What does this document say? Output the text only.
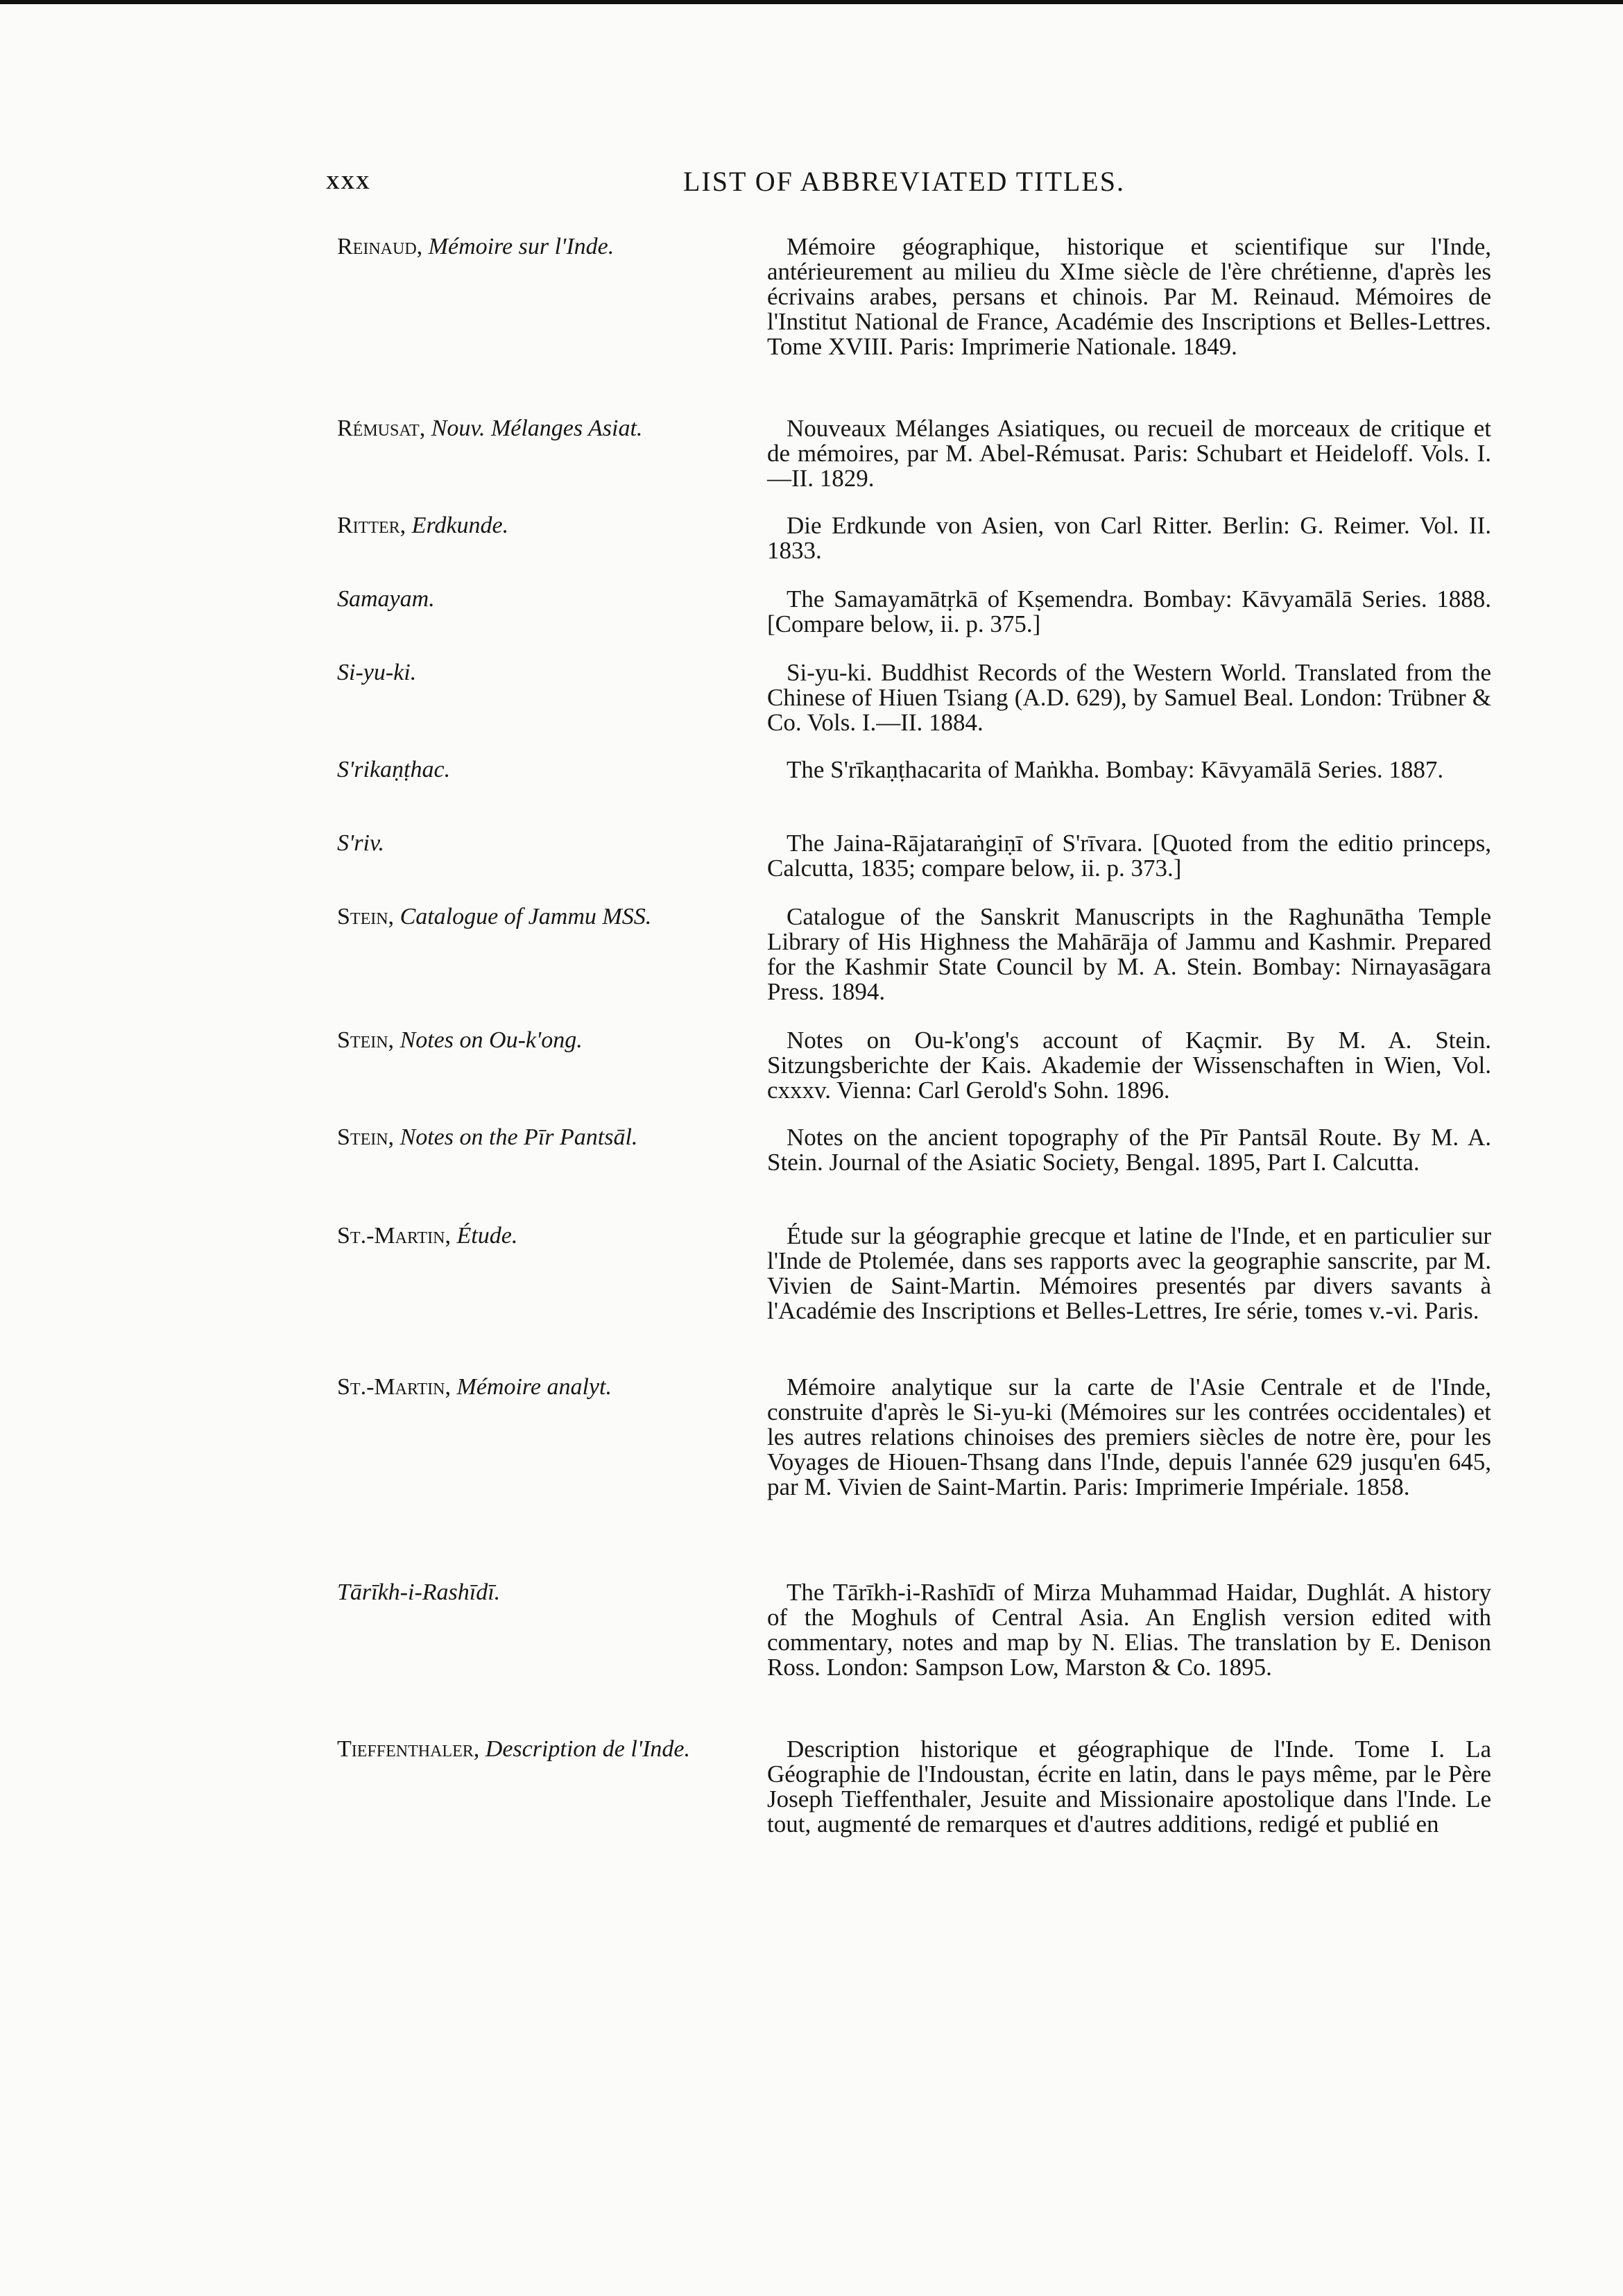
xxx	LIST OF ABBREVIATED TITLES.
Reinaud, Mémoire sur l'Inde.	Mémoire géographique, historique et scientifique sur l'Inde, antérieurement au milieu du XIme siècle de l'ère chrétienne, d'après les écrivains arabes, persans et chinois. Par M. Reinaud. Mémoires de l'Institut National de France, Académie des Inscriptions et Belles-Lettres. Tome XVIII. Paris: Imprimerie Nationale. 1849.
Rémusat, Nouv. Mélanges Asiat.	Nouveaux Mélanges Asiatiques, ou recueil de morceaux de critique et de mémoires, par M. Abel-Rémusat. Paris: Schubart et Heideloff. Vols. I.—II. 1829.
Ritter, Erdkunde.	Die Erdkunde von Asien, von Carl Ritter. Berlin: G. Reimer. Vol. II. 1833.
Samayam.	The Samayamātṛkā of Kṣemendra. Bombay: Kāvyamālā Series. 1888. [Compare below, ii. p. 375.]
Si-yu-ki.	Si-yu-ki. Buddhist Records of the Western World. Translated from the Chinese of Hiuen Tsiang (A.D. 629), by Samuel Beal. London: Trübner & Co. Vols. I.—II. 1884.
S'rikaṇṭhac.	The S'rīkaṇṭhacarita of Maṅkha. Bombay: Kāvyamālā Series. 1887.
S'riv.	The Jaina-Rājataraṅgiṇī of S'rīvara. [Quoted from the editio princeps, Calcutta, 1835; compare below, ii. p. 373.]
Stein, Catalogue of Jammu MSS.	Catalogue of the Sanskrit Manuscripts in the Raghunātha Temple Library of His Highness the Mahārāja of Jammu and Kashmir. Prepared for the Kashmir State Council by M. A. Stein. Bombay: Nirnayasāgara Press. 1894.
Stein, Notes on Ou-k'ong.	Notes on Ou-k'ong's account of Kaçmir. By M. A. Stein. Sitzungsberichte der Kais. Akademie der Wissenschaften in Wien, Vol. cxxxv. Vienna: Carl Gerold's Sohn. 1896.
Stein, Notes on the Pīr Pantsāl.	Notes on the ancient topography of the Pīr Pantsāl Route. By M. A. Stein. Journal of the Asiatic Society, Bengal. 1895, Part I. Calcutta.
St.-Martin, Étude.	Étude sur la géographie grecque et latine de l'Inde, et en particulier sur l'Inde de Ptolemée, dans ses rapports avec la geographie sanscrite, par M. Vivien de Saint-Martin. Mémoires presentés par divers savants à l'Académie des Inscriptions et Belles-Lettres, Ire série, tomes v.-vi. Paris.
St.-Martin, Mémoire analyt.	Mémoire analytique sur la carte de l'Asie Centrale et de l'Inde, construite d'après le Si-yu-ki (Mémoires sur les contrées occidentales) et les autres relations chinoises des premiers siècles de notre ère, pour les Voyages de Hiouen-Thsang dans l'Inde, depuis l'année 629 jusqu'en 645, par M. Vivien de Saint-Martin. Paris: Imprimerie Impériale. 1858.
Tārīkh-i-Rashīdī.	The Tārīkh-i-Rashīdī of Mirza Muhammad Haidar, Dughlát. A history of the Moghuls of Central Asia. An English version edited with commentary, notes and map by N. Elias. The translation by E. Denison Ross. London: Sampson Low, Marston & Co. 1895.
Tieffenthaler, Description de l'Inde.	Description historique et géographique de l'Inde. Tome I. La Géographie de l'Indoustan, écrite en latin, dans le pays même, par le Père Joseph Tieffenthaler, Jesuite and Missionaire apostolique dans l'Inde. Le tout, augmenté de remarques et d'autres additions, redigé et publié en
